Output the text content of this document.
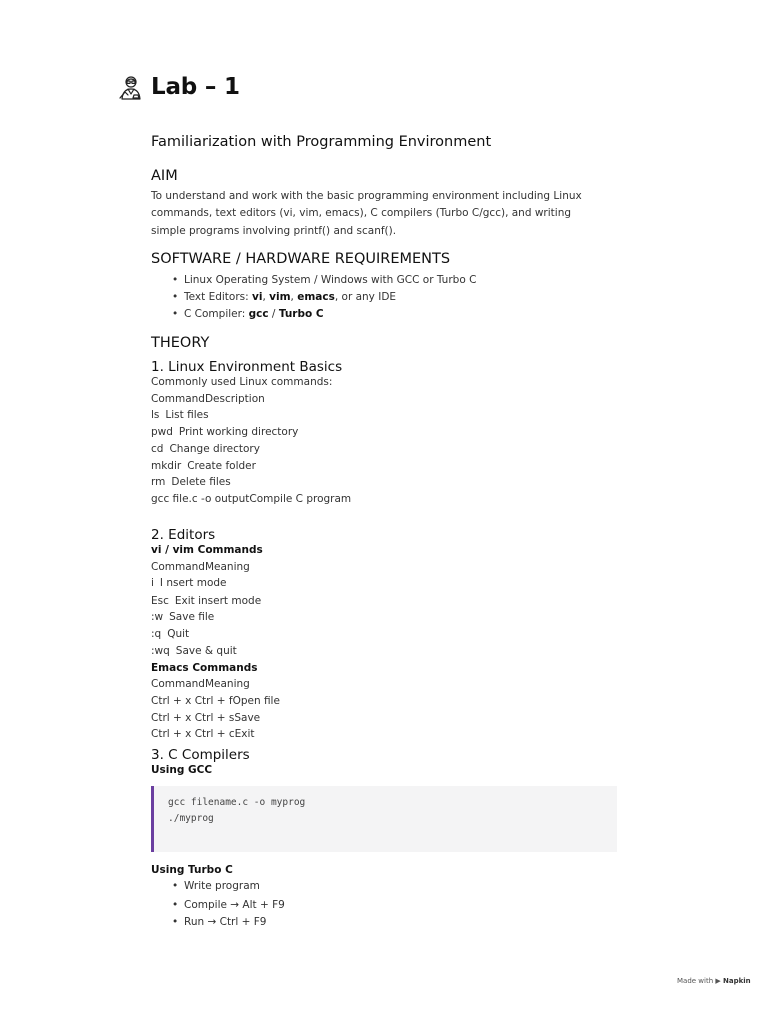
Lab – 1
Familiarization with Programming Environment
AIM

To understand and work with the basic programming environment including Linux commands, text editors (vi, vim, emacs), C compilers (Turbo C/gcc), and writing simple programs involving printf() and scanf().

SOFTWARE / HARDWARE REQUIREMENTS
• Linux Operating System / Windows with GCC or Turbo C
• Text Editors: vi, vim, emacs, or any IDE
• C Compiler: gcc / Turbo C
THEORY
1. Linux Environment Basics
Commonly used Linux commands:
CommandDescription
ls List files
pwd Print working directory
cd Change directory
mkdir Create folder
rm Delete files
gcc file.c -o outputCompile C program
2. Editors
vi / vim Commands
CommandMeaning
i I nsert mode
Esc Exit insert mode
:w Save file
:q Quit
:wq Save & quit
Emacs Commands
CommandMeaning
Ctrl + x Ctrl + fOpen file
Ctrl + x Ctrl + sSave
Ctrl + x Ctrl + cExit
3. C Compilers
Using GCC
gcc filename.c -o myprog
./myprog
Using Turbo C
• Write program
• Compile → Alt + F9
• Run → Ctrl + F9
Made with ▶ Napkin
